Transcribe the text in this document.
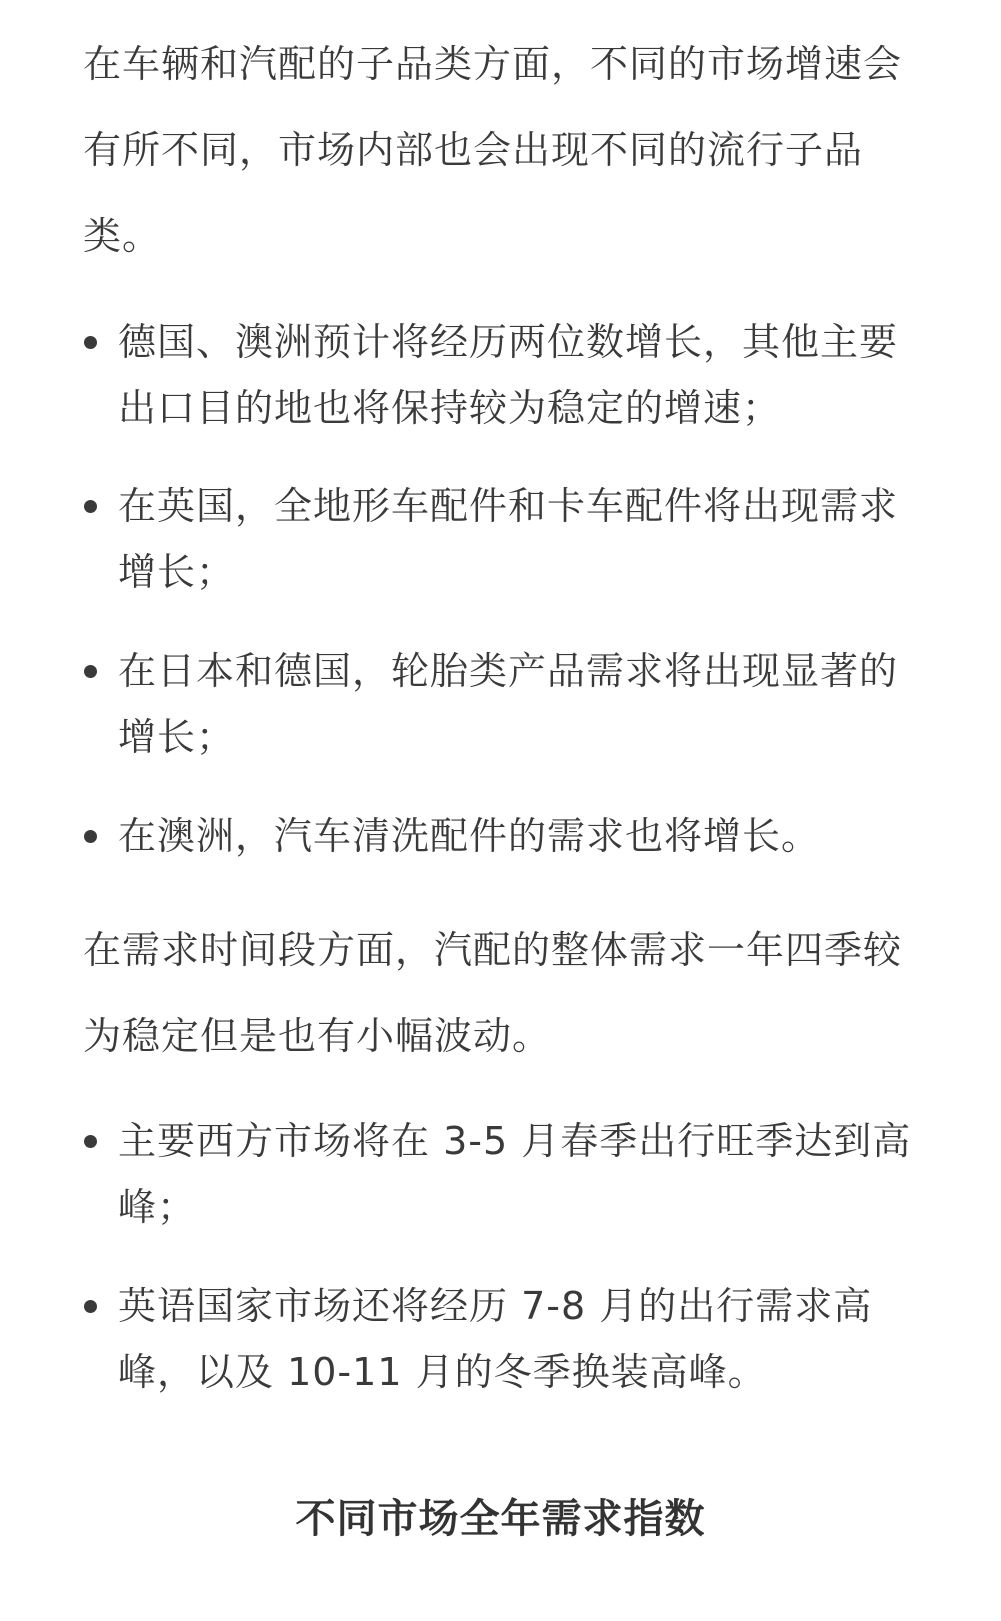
在车辆和汽配的子品类方面，不同的市场增速会有所不同，市场内部也会出现不同的流行子品类。

德国、澳洲预计将经历两位数增长，其他主要出口目的地也将保持较为稳定的增速；
在英国，全地形车配件和卡车配件将出现需求增长；
在日本和德国，轮胎类产品需求将出现显著的增长；
在澳洲，汽车清洗配件的需求也将增长。

在需求时间段方面，汽配的整体需求一年四季较为稳定但是也有小幅波动。

主要西方市场将在 3-5 月春季出行旺季达到高峰；
英语国家市场还将经历 7-8 月的出行需求高峰，以及 10-11 月的冬季换装高峰。
不同市场全年需求指数
